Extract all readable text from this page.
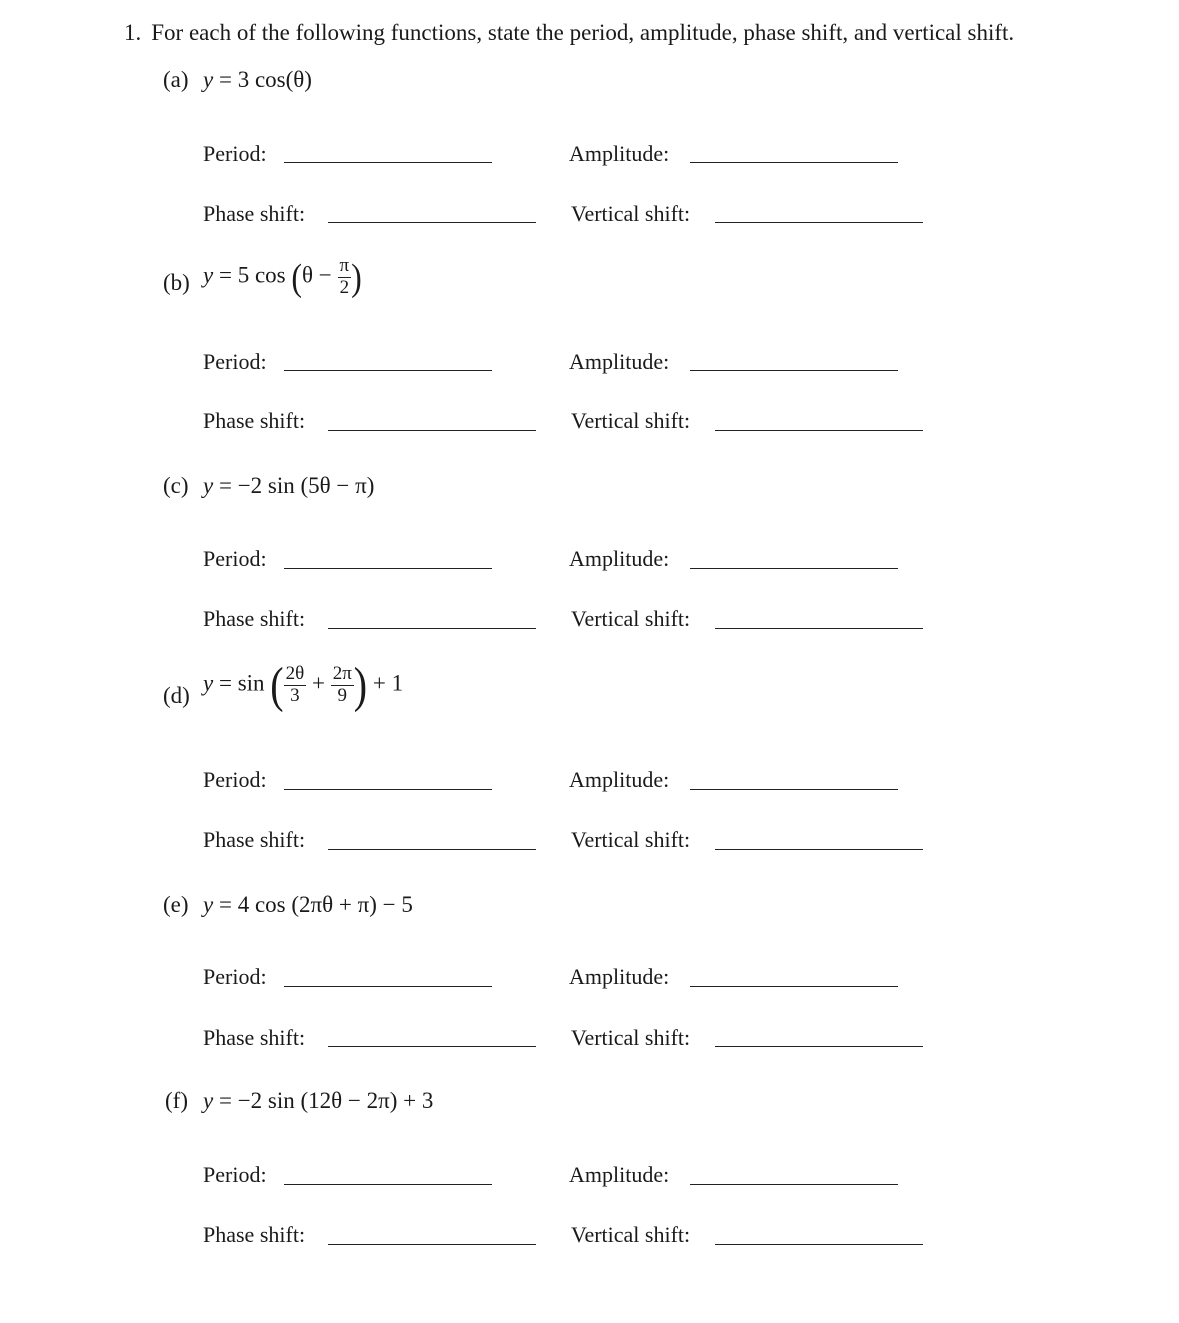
1. For each of the following functions, state the period, amplitude, phase shift, and vertical shift.
(a) y = 3 cos(θ)
Period:	Amplitude:
Phase shift:	Vertical shift:
(b) y = 5 $\cos (\theta - \frac{\pi}{2}$ )
Period:	Amplitude:
Phase shift:	Vertical shift:
(c) y = −2 sin (5θ − π)
Period:	Amplitude:
Phase shift:	Vertical shift:
(d) y = sin ( $\frac{2\theta}{3} + \frac{2\pi}{9}$ ) + 1
Period:	Amplitude:
Phase shift:	Vertical shift:
(e) y = 4 cos (2πθ + π) − 5
Period:	Amplitude:
Phase shift:	Vertical shift:
(f) y = −2 sin (12θ − 2π) + 3
Period:	Amplitude:
Phase shift:	Vertical shift:
